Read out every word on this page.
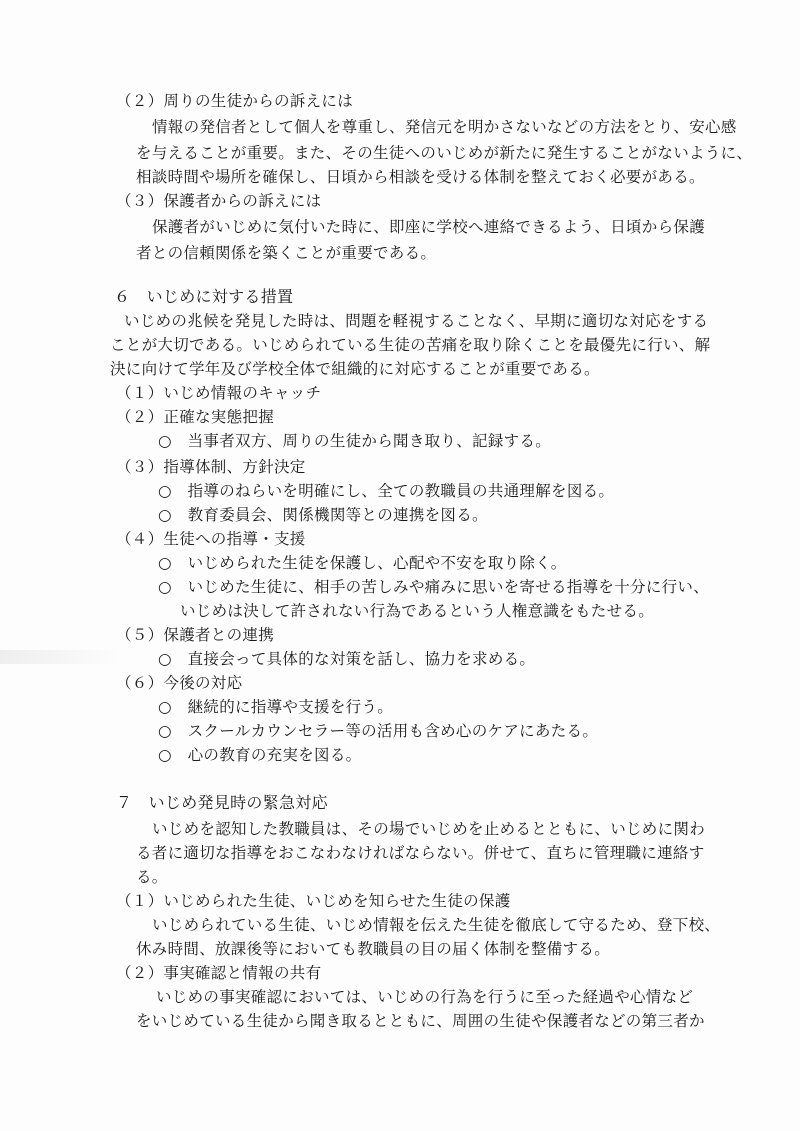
（２）周りの生徒からの訴えには
情報の発信者として個人を尊重し、発信元を明かさないなどの方法をとり、安心感
を与えることが重要。また、その生徒へのいじめが新たに発生することがないように、
相談時間や場所を確保し、日頃から相談を受ける体制を整えておく必要がある。
（３）保護者からの訴えには
保護者がいじめに気付いた時に、即座に学校へ連絡できるよう、日頃から保護
者との信頼関係を築くことが重要である。
６　いじめに対する措置
いじめの兆候を発見した時は、問題を軽視することなく、早期に適切な対応をする
ことが大切である。いじめられている生徒の苦痛を取り除くことを最優先に行い、解
決に向けて学年及び学校全体で組織的に対応することが重要である。
（１）いじめ情報のキャッチ
（２）正確な実態把握
○　当事者双方、周りの生徒から聞き取り、記録する。
（３）指導体制、方針決定
○　指導のねらいを明確にし、全ての教職員の共通理解を図る。
○　教育委員会、関係機関等との連携を図る。
（４）生徒への指導・支援
○　いじめられた生徒を保護し、心配や不安を取り除く。
○　いじめた生徒に、相手の苦しみや痛みに思いを寄せる指導を十分に行い、
いじめは決して許されない行為であるという人権意識をもたせる。
（５）保護者との連携
○　直接会って具体的な対策を話し、協力を求める。
（６）今後の対応
○　継続的に指導や支援を行う。
○　スクールカウンセラー等の活用も含め心のケアにあたる。
○　心の教育の充実を図る。
７　いじめ発見時の緊急対応
いじめを認知した教職員は、その場でいじめを止めるとともに、いじめに関わ
る者に適切な指導をおこなわなければならない。併せて、直ちに管理職に連絡す
る。
（１）いじめられた生徒、いじめを知らせた生徒の保護
いじめられている生徒、いじめ情報を伝えた生徒を徹底して守るため、登下校、
休み時間、放課後等においても教職員の目の届く体制を整備する。
（２）事実確認と情報の共有
いじめの事実確認においては、いじめの行為を行うに至った経過や心情など
をいじめている生徒から聞き取るとともに、周囲の生徒や保護者などの第三者か
